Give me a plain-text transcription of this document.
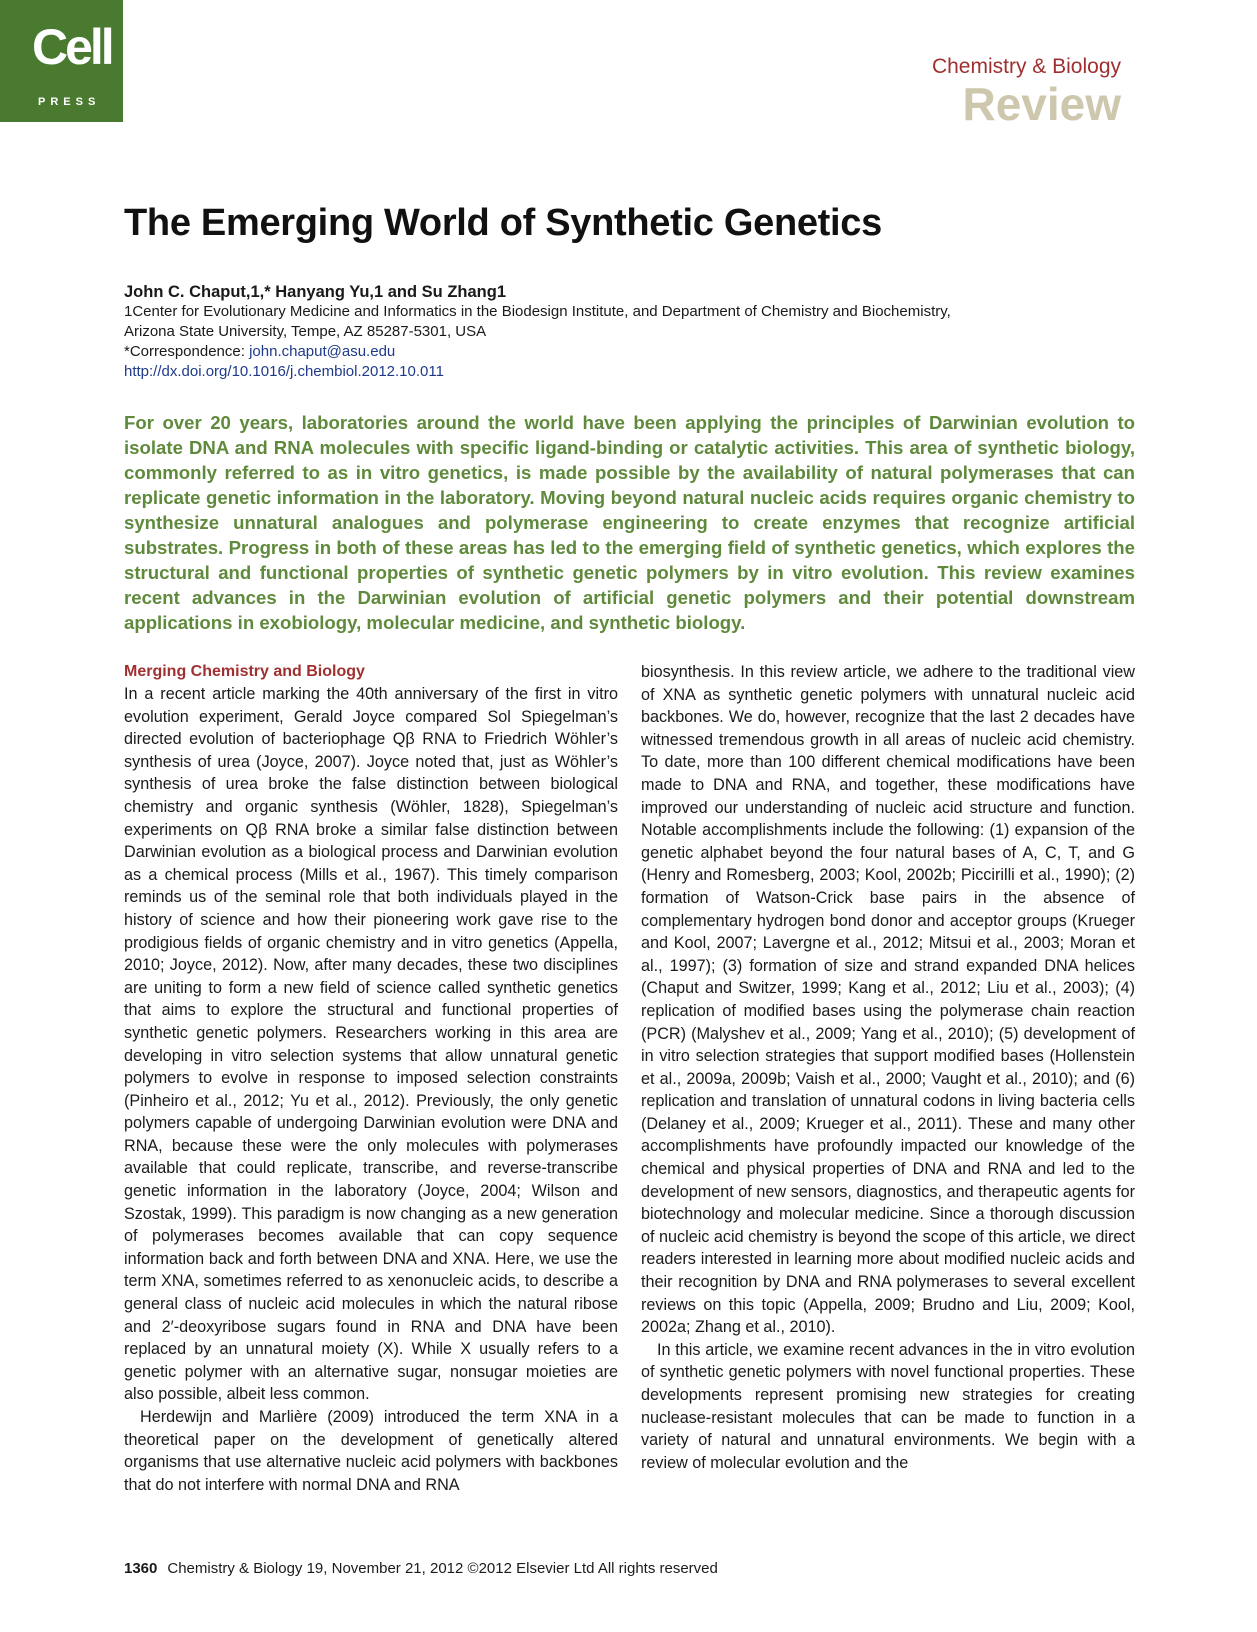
Cell
PRESS
Chemistry & Biology
Review
The Emerging World of Synthetic Genetics
John C. Chaput,1,* Hanyang Yu,1 and Su Zhang1
1Center for Evolutionary Medicine and Informatics in the Biodesign Institute, and Department of Chemistry and Biochemistry,
Arizona State University, Tempe, AZ 85287-5301, USA
*Correspondence: john.chaput@asu.edu
http://dx.doi.org/10.1016/j.chembiol.2012.10.011

For over 20 years, laboratories around the world have been applying the principles of Darwinian evolution to isolate DNA and RNA molecules with specific ligand-binding or catalytic activities. This area of synthetic biology, commonly referred to as in vitro genetics, is made possible by the availability of natural polymerases that can replicate genetic information in the laboratory. Moving beyond natural nucleic acids requires organic chemistry to synthesize unnatural analogues and polymerase engineering to create enzymes that recognize artificial substrates. Progress in both of these areas has led to the emerging field of synthetic genetics, which explores the structural and functional properties of synthetic genetic polymers by in vitro evolution. This review examines recent advances in the Darwinian evolution of artificial genetic polymers and their potential downstream applications in exobiology, molecular medicine, and synthetic biology.

Merging Chemistry and Biology

In a recent article marking the 40th anniversary of the first in vitro evolution experiment, Gerald Joyce compared Sol Spiegelman’s directed evolution of bacteriophage Qβ RNA to Friedrich Wöhler’s synthesis of urea (Joyce, 2007). Joyce noted that, just as Wöhler’s synthesis of urea broke the false distinction between biological chemistry and organic synthesis (Wöhler, 1828), Spiegelman’s experiments on Qβ RNA broke a similar false distinction between Darwinian evolution as a biological process and Darwinian evolution as a chemical process (Mills et al., 1967). This timely comparison reminds us of the seminal role that both individuals played in the history of science and how their pioneering work gave rise to the prodigious fields of organic chemistry and in vitro genetics (Appella, 2010; Joyce, 2012). Now, after many decades, these two disciplines are uniting to form a new field of science called synthetic genetics that aims to explore the structural and functional properties of synthetic genetic polymers. Researchers working in this area are developing in vitro selection systems that allow unnatural genetic polymers to evolve in response to imposed selection constraints (Pinheiro et al., 2012; Yu et al., 2012). Previously, the only genetic polymers capable of undergoing Darwinian evolution were DNA and RNA, because these were the only molecules with polymerases available that could replicate, transcribe, and reverse-transcribe genetic information in the laboratory (Joyce, 2004; Wilson and Szostak, 1999). This paradigm is now changing as a new generation of polymerases becomes available that can copy sequence information back and forth between DNA and XNA. Here, we use the term XNA, sometimes referred to as xenonucleic acids, to describe a general class of nucleic acid molecules in which the natural ribose and 2′-deoxyribose sugars found in RNA and DNA have been replaced by an unnatural moiety (X). While X usually refers to a genetic polymer with an alternative sugar, nonsugar moieties are also possible, albeit less common.

Herdewijn and Marlière (2009) introduced the term XNA in a theoretical paper on the development of genetically altered organisms that use alternative nucleic acid polymers with backbones that do not interfere with normal DNA and RNA

biosynthesis. In this review article, we adhere to the traditional view of XNA as synthetic genetic polymers with unnatural nucleic acid backbones. We do, however, recognize that the last 2 decades have witnessed tremendous growth in all areas of nucleic acid chemistry. To date, more than 100 different chemical modifications have been made to DNA and RNA, and together, these modifications have improved our understanding of nucleic acid structure and function. Notable accomplishments include the following: (1) expansion of the genetic alphabet beyond the four natural bases of A, C, T, and G (Henry and Romesberg, 2003; Kool, 2002b; Piccirilli et al., 1990); (2) formation of Watson-Crick base pairs in the absence of complementary hydrogen bond donor and acceptor groups (Krueger and Kool, 2007; Lavergne et al., 2012; Mitsui et al., 2003; Moran et al., 1997); (3) formation of size and strand expanded DNA helices (Chaput and Switzer, 1999; Kang et al., 2012; Liu et al., 2003); (4) replication of modified bases using the polymerase chain reaction (PCR) (Malyshev et al., 2009; Yang et al., 2010); (5) development of in vitro selection strategies that support modified bases (Hollenstein et al., 2009a, 2009b; Vaish et al., 2000; Vaught et al., 2010); and (6) replication and translation of unnatural codons in living bacteria cells (Delaney et al., 2009; Krueger et al., 2011). These and many other accomplishments have profoundly impacted our knowledge of the chemical and physical properties of DNA and RNA and led to the development of new sensors, diagnostics, and therapeutic agents for biotechnology and molecular medicine. Since a thorough discussion of nucleic acid chemistry is beyond the scope of this article, we direct readers interested in learning more about modified nucleic acids and their recognition by DNA and RNA polymerases to several excellent reviews on this topic (Appella, 2009; Brudno and Liu, 2009; Kool, 2002a; Zhang et al., 2010).

In this article, we examine recent advances in the in vitro evolution of synthetic genetic polymers with novel functional properties. These developments represent promising new strategies for creating nuclease-resistant molecules that can be made to function in a variety of natural and unnatural environments. We begin with a review of molecular evolution and the

1360 Chemistry & Biology 19, November 21, 2012 ©2012 Elsevier Ltd All rights reserved
